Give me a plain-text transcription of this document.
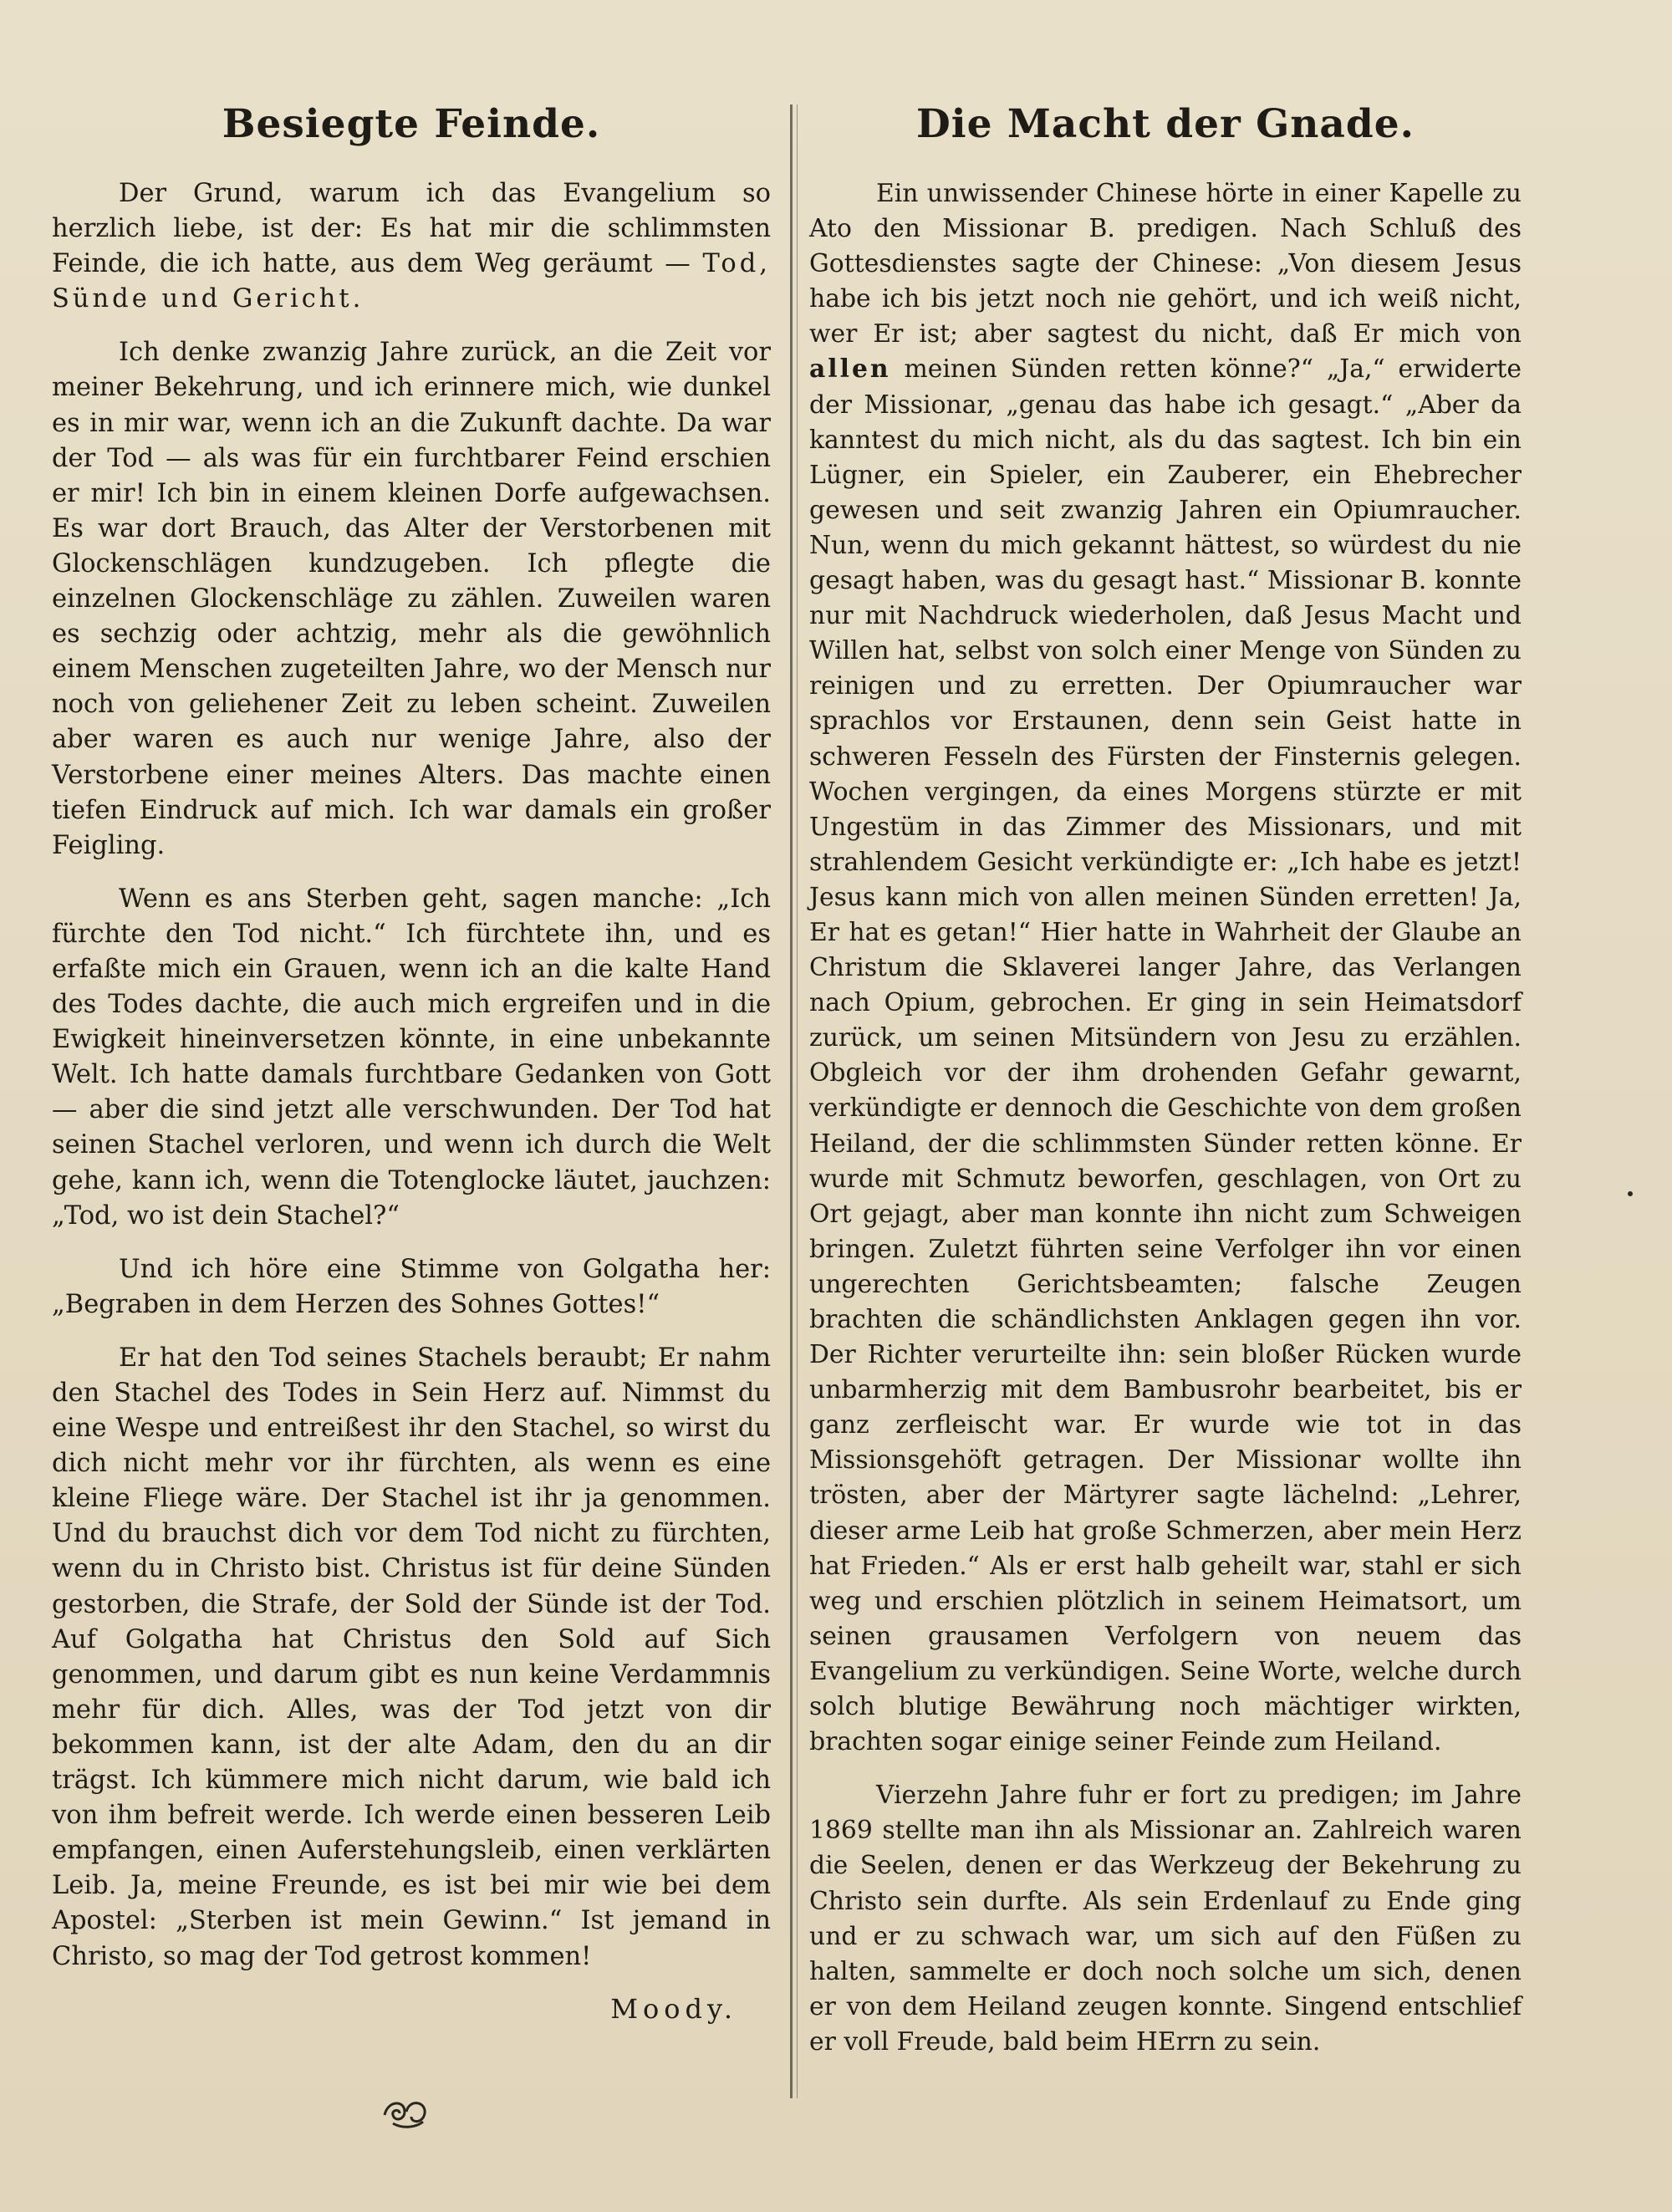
Besiegte Feinde.

Der Grund, warum ich das Evangelium so herzlich liebe, ist der: Es hat mir die schlimmsten Feinde, die ich hatte, aus dem Weg geräumt — Tod, Sünde und Gericht.

Ich denke zwanzig Jahre zurück, an die Zeit vor meiner Bekehrung, und ich erinnere mich, wie dunkel es in mir war, wenn ich an die Zukunft dachte. Da war der Tod — als was für ein furchtbarer Feind erschien er mir! Ich bin in einem kleinen Dorfe aufgewachsen. Es war dort Brauch, das Alter der Verstorbenen mit Glockenschlägen kundzugeben. Ich pflegte die einzelnen Glockenschläge zu zählen. Zuweilen waren es sechzig oder achtzig, mehr als die gewöhnlich einem Menschen zugeteilten Jahre, wo der Mensch nur noch von geliehener Zeit zu leben scheint. Zuweilen aber waren es auch nur wenige Jahre, also der Verstorbene einer meines Alters. Das machte einen tiefen Eindruck auf mich. Ich war damals ein großer Feigling.

Wenn es ans Sterben geht, sagen manche: „Ich fürchte den Tod nicht.“ Ich fürchtete ihn, und es erfaßte mich ein Grauen, wenn ich an die kalte Hand des Todes dachte, die auch mich ergreifen und in die Ewigkeit hineinversetzen könnte, in eine unbekannte Welt. Ich hatte damals furchtbare Gedanken von Gott — aber die sind jetzt alle verschwunden. Der Tod hat seinen Stachel verloren, und wenn ich durch die Welt gehe, kann ich, wenn die Totenglocke läutet, jauchzen: „Tod, wo ist dein Stachel?“

Und ich höre eine Stimme von Golgatha her: „Begraben in dem Herzen des Sohnes Gottes!“

Er hat den Tod seines Stachels beraubt; Er nahm den Stachel des Todes in Sein Herz auf. Nimmst du eine Wespe und entreißest ihr den Stachel, so wirst du dich nicht mehr vor ihr fürchten, als wenn es eine kleine Fliege wäre. Der Stachel ist ihr ja genommen. Und du brauchst dich vor dem Tod nicht zu fürchten, wenn du in Christo bist. Christus ist für deine Sünden gestorben, die Strafe, der Sold der Sünde ist der Tod. Auf Golgatha hat Christus den Sold auf Sich genommen, und darum gibt es nun keine Verdammnis mehr für dich. Alles, was der Tod jetzt von dir bekommen kann, ist der alte Adam, den du an dir trägst. Ich kümmere mich nicht darum, wie bald ich von ihm befreit werde. Ich werde einen besseren Leib empfangen, einen Auferstehungsleib, einen verklärten Leib. Ja, meine Freunde, es ist bei mir wie bei dem Apostel: „Sterben ist mein Gewinn.“ Ist jemand in Christo, so mag der Tod getrost kommen!

Moody.
Die Macht der Gnade.

Ein unwissender Chinese hörte in einer Kapelle zu Ato den Missionar B. predigen. Nach Schluß des Gottesdienstes sagte der Chinese: „Von diesem Jesus habe ich bis jetzt noch nie gehört, und ich weiß nicht, wer Er ist; aber sagtest du nicht, daß Er mich von allen meinen Sünden retten könne?“ „Ja,“ erwiderte der Missionar, „genau das habe ich gesagt.“ „Aber da kanntest du mich nicht, als du das sagtest. Ich bin ein Lügner, ein Spieler, ein Zauberer, ein Ehebrecher gewesen und seit zwanzig Jahren ein Opiumraucher. Nun, wenn du mich gekannt hättest, so würdest du nie gesagt haben, was du gesagt hast.“ Missionar B. konnte nur mit Nachdruck wiederholen, daß Jesus Macht und Willen hat, selbst von solch einer Menge von Sünden zu reinigen und zu erretten. Der Opiumraucher war sprachlos vor Erstaunen, denn sein Geist hatte in schweren Fesseln des Fürsten der Finsternis gelegen. Wochen vergingen, da eines Morgens stürzte er mit Ungestüm in das Zimmer des Missionars, und mit strahlendem Gesicht verkündigte er: „Ich habe es jetzt! Jesus kann mich von allen meinen Sünden erretten! Ja, Er hat es getan!“ Hier hatte in Wahrheit der Glaube an Christum die Sklaverei langer Jahre, das Verlangen nach Opium, gebrochen. Er ging in sein Heimatsdorf zurück, um seinen Mitsündern von Jesu zu erzählen. Obgleich vor der ihm drohenden Gefahr gewarnt, verkündigte er dennoch die Geschichte von dem großen Heiland, der die schlimmsten Sünder retten könne. Er wurde mit Schmutz beworfen, geschlagen, von Ort zu Ort gejagt, aber man konnte ihn nicht zum Schweigen bringen. Zuletzt führten seine Verfolger ihn vor einen ungerechten Gerichtsbeamten; falsche Zeugen brachten die schändlichsten Anklagen gegen ihn vor. Der Richter verurteilte ihn: sein bloßer Rücken wurde unbarmherzig mit dem Bambusrohr bearbeitet, bis er ganz zerfleischt war. Er wurde wie tot in das Missionsgehöft getragen. Der Missionar wollte ihn trösten, aber der Märtyrer sagte lächelnd: „Lehrer, dieser arme Leib hat große Schmerzen, aber mein Herz hat Frieden.“ Als er erst halb geheilt war, stahl er sich weg und erschien plötzlich in seinem Heimatsort, um seinen grausamen Verfolgern von neuem das Evangelium zu verkündigen. Seine Worte, welche durch solch blutige Bewährung noch mächtiger wirkten, brachten sogar einige seiner Feinde zum Heiland.

Vierzehn Jahre fuhr er fort zu predigen; im Jahre 1869 stellte man ihn als Missionar an. Zahlreich waren die Seelen, denen er das Werkzeug der Bekehrung zu Christo sein durfte. Als sein Erdenlauf zu Ende ging und er zu schwach war, um sich auf den Füßen zu halten, sammelte er doch noch solche um sich, denen er von dem Heiland zeugen konnte. Singend entschlief er voll Freude, bald beim HErrn zu sein.
